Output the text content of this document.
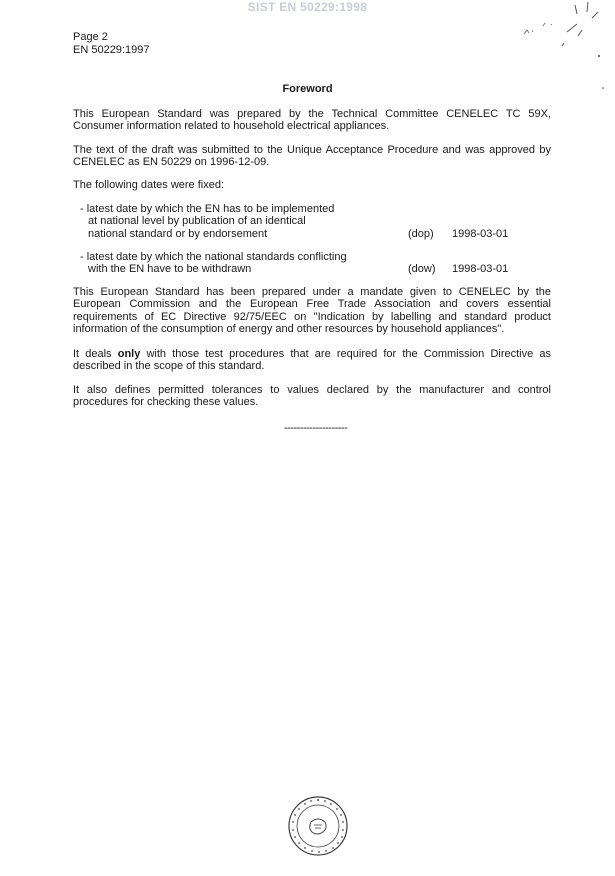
SIST EN 50229:1998
Page 2
EN 50229:1997
Foreword
This European Standard was prepared by the Technical Committee CENELEC TC 59X, Consumer information related to household electrical appliances.
The text of the draft was submitted to the Unique Acceptance Procedure and was approved by CENELEC as EN 50229 on 1996-12-09.
The following dates were fixed:
- latest date by which the EN has to be implemented
at national level by publication of an identical
national standard or by endorsement	(dop) 1998-03-01
- latest date by which the national standards conflicting
with the EN have to be withdrawn	(dow) 1998-03-01
This European Standard has been prepared under a mandate given to CENELEC by the European Commission and the European Free Trade Association and covers essential requirements of EC Directive 92/75/EEC on "Indication by labelling and standard product information of the consumption of energy and other resources by household appliances".
It deals only with those test procedures that are required for the Commission Directive as described in the scope of this standard.
It also defines permitted tolerances to values declared by the manufacturer and control procedures for checking these values.
--------------------
